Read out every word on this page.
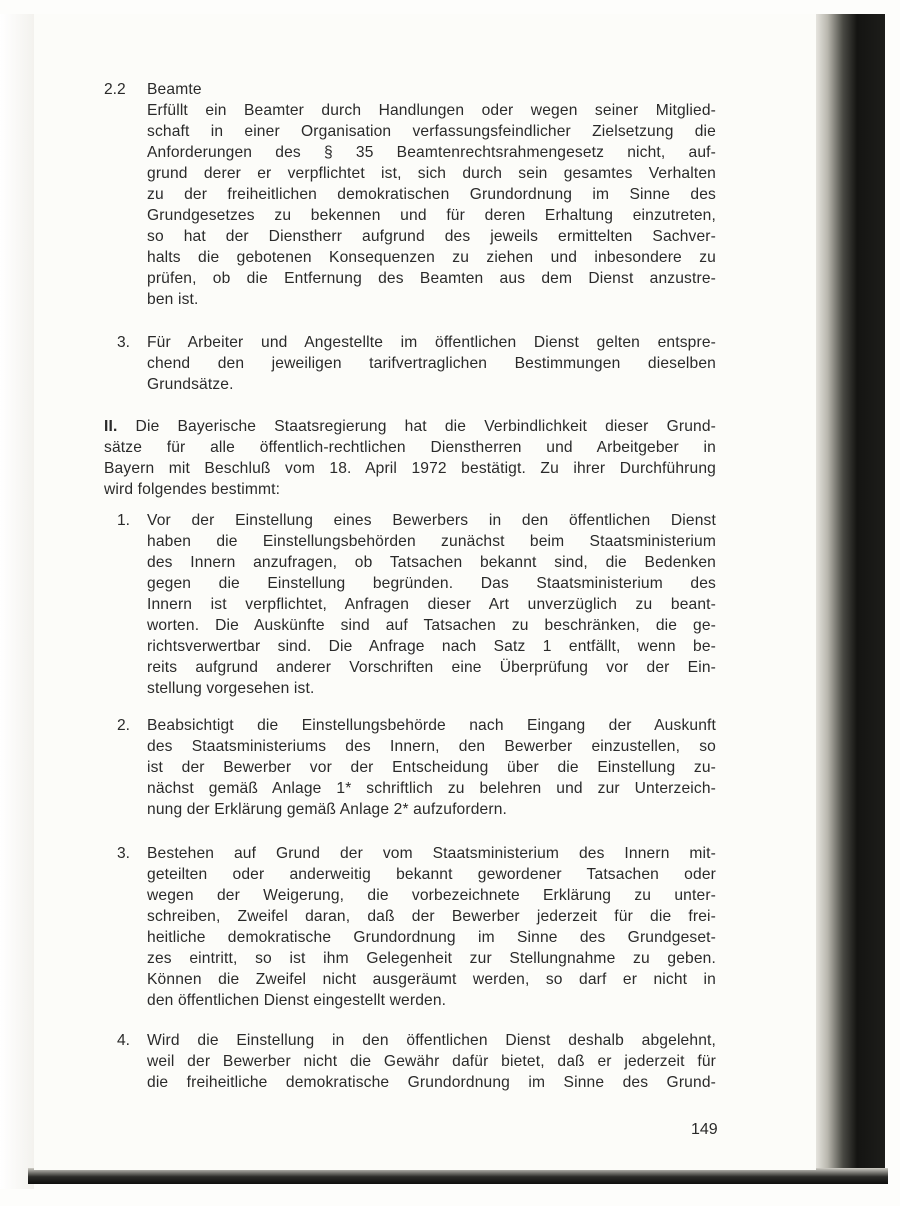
2.2 Beamte
Erfüllt ein Beamter durch Handlungen oder wegen seiner Mitglied-
schaft in einer Organisation verfassungsfeindlicher Zielsetzung die
Anforderungen des § 35 Beamtenrechtsrahmengesetz nicht, auf-
grund derer er verpflichtet ist, sich durch sein gesamtes Verhalten
zu der freiheitlichen demokratischen Grundordnung im Sinne des
Grundgesetzes zu bekennen und für deren Erhaltung einzutreten,
so hat der Dienstherr aufgrund des jeweils ermittelten Sachver-
halts die gebotenen Konsequenzen zu ziehen und inbesondere zu
prüfen, ob die Entfernung des Beamten aus dem Dienst anzustre-
ben ist.
3. Für Arbeiter und Angestellte im öffentlichen Dienst gelten entspre-
chend den jeweiligen tarifvertraglichen Bestimmungen dieselben
Grundsätze.
II. Die Bayerische Staatsregierung hat die Verbindlichkeit dieser Grund-
sätze für alle öffentlich-rechtlichen Dienstherren und Arbeitgeber in
Bayern mit Beschluß vom 18. April 1972 bestätigt. Zu ihrer Durchführung
wird folgendes bestimmt:
1. Vor der Einstellung eines Bewerbers in den öffentlichen Dienst
haben die Einstellungsbehörden zunächst beim Staatsministerium
des Innern anzufragen, ob Tatsachen bekannt sind, die Bedenken
gegen die Einstellung begründen. Das Staatsministerium des
Innern ist verpflichtet, Anfragen dieser Art unverzüglich zu beant-
worten. Die Auskünfte sind auf Tatsachen zu beschränken, die ge-
richtsverwertbar sind. Die Anfrage nach Satz 1 entfällt, wenn be-
reits aufgrund anderer Vorschriften eine Überprüfung vor der Ein-
stellung vorgesehen ist.
2. Beabsichtigt die Einstellungsbehörde nach Eingang der Auskunft
des Staatsministeriums des Innern, den Bewerber einzustellen, so
ist der Bewerber vor der Entscheidung über die Einstellung zu-
nächst gemäß Anlage 1* schriftlich zu belehren und zur Unterzeich-
nung der Erklärung gemäß Anlage 2* aufzufordern.
3. Bestehen auf Grund der vom Staatsministerium des Innern mit-
geteilten oder anderweitig bekannt gewordener Tatsachen oder
wegen der Weigerung, die vorbezeichnete Erklärung zu unter-
schreiben, Zweifel daran, daß der Bewerber jederzeit für die frei-
heitliche demokratische Grundordnung im Sinne des Grundgeset-
zes eintritt, so ist ihm Gelegenheit zur Stellungnahme zu geben.
Können die Zweifel nicht ausgeräumt werden, so darf er nicht in
den öffentlichen Dienst eingestellt werden.
4. Wird die Einstellung in den öffentlichen Dienst deshalb abgelehnt,
weil der Bewerber nicht die Gewähr dafür bietet, daß er jederzeit für
die freiheitliche demokratische Grundordnung im Sinne des Grund-
149
